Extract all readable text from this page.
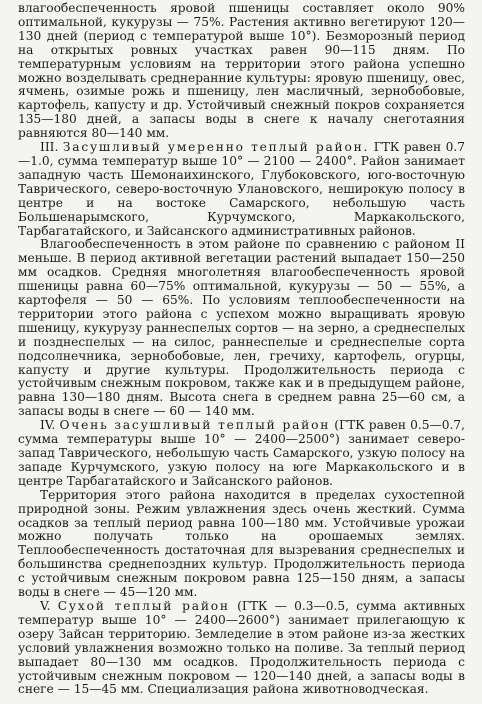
влагообеспеченность яровой пшеницы составляет около 90% оптимальной, кукурузы — 75%. Растения активно вегетируют 120—130 дней (период с температурой выше 10°). Безморозный период на открытых ровных участках равен 90—115 дням. По температурным условиям на территории этого района успешно можно возделывать среднеранние культуры: яровую пшеницу, овес, ячмень, озимые рожь и пшеницу, лен масличный, зернобобовые, картофель, капусту и др. Устойчивый снежный покров сохраняется 135—180 дней, а запасы воды в снеге к началу снеготаяния равняются 80—140 мм.

III. Засушливый умеренно теплый район. ГТК равен 0.7—1.0, сумма температур выше 10° — 2100 — 2400°. Район занимает западную часть Шемонаихинского, Глубоковского, юго-восточную Таврического, северо-восточную Улановского, неширокую полосу в центре и на востоке Самарского, небольшую часть Большенарымского, Курчумского, Маркакольского, Тарбагатайского, и Зайсанского административных районов.

Влагообеспеченность в этом районе по сравнению с районом II меньше. В период активной вегетации растений выпадает 150—250 мм осадков. Средняя многолетняя влагообеспеченность яровой пшеницы равна 60—75% оптимальной, кукурузы — 50 — 55%, а картофеля — 50 — 65%. По условиям теплообеспеченности на территории этого района с успехом можно выращивать яровую пшеницу, кукурузу раннеспелых сортов — на зерно, а среднеспелых и позднеспелых — на силос, раннеспелые и среднеспелые сорта подсолнечника, зернобобовые, лен, гречиху, картофель, огурцы, капусту и другие культуры. Продолжительность периода с устойчивым снежным покровом, также как и в предыдущем районе, равна 130—180 дням. Высота снега в среднем равна 25—60 см, а запасы воды в снеге — 60 — 140 мм.

IV. Очень засушливый теплый район (ГТК равен 0.5—0.7, сумма температуры выше 10° — 2400—2500°) занимает северо-запад Таврического, небольшую часть Самарского, узкую полосу на западе Курчумского, узкую полосу на юге Маркакольского и в центре Тарбагатайского и Зайсанского районов.

Территория этого района находится в пределах сухостепной природной зоны. Режим увлажнения здесь очень жесткий. Сумма осадков за теплый период равна 100—180 мм. Устойчивые урожаи можно получать только на орошаемых землях. Теплообеспеченность достаточная для вызревания среднеспелых и большинства среднепоздних культур. Продолжительность периода с устойчивым снежным покровом равна 125—150 дням, а запасы воды в снеге — 45—120 мм.

V. Сухой теплый район (ГТК — 0.3—0.5, сумма активных температур выше 10° — 2400—2600°) занимает прилегающую к озеру Зайсан территорию. Земледелие в этом районе из-за жестких условий увлажнения возможно только на поливе. За теплый период выпадает 80—130 мм осадков. Продолжительность периода с устойчивым снежным покровом — 120—140 дней, а запасы воды в снеге — 15—45 мм. Специализация района животноводческая.
